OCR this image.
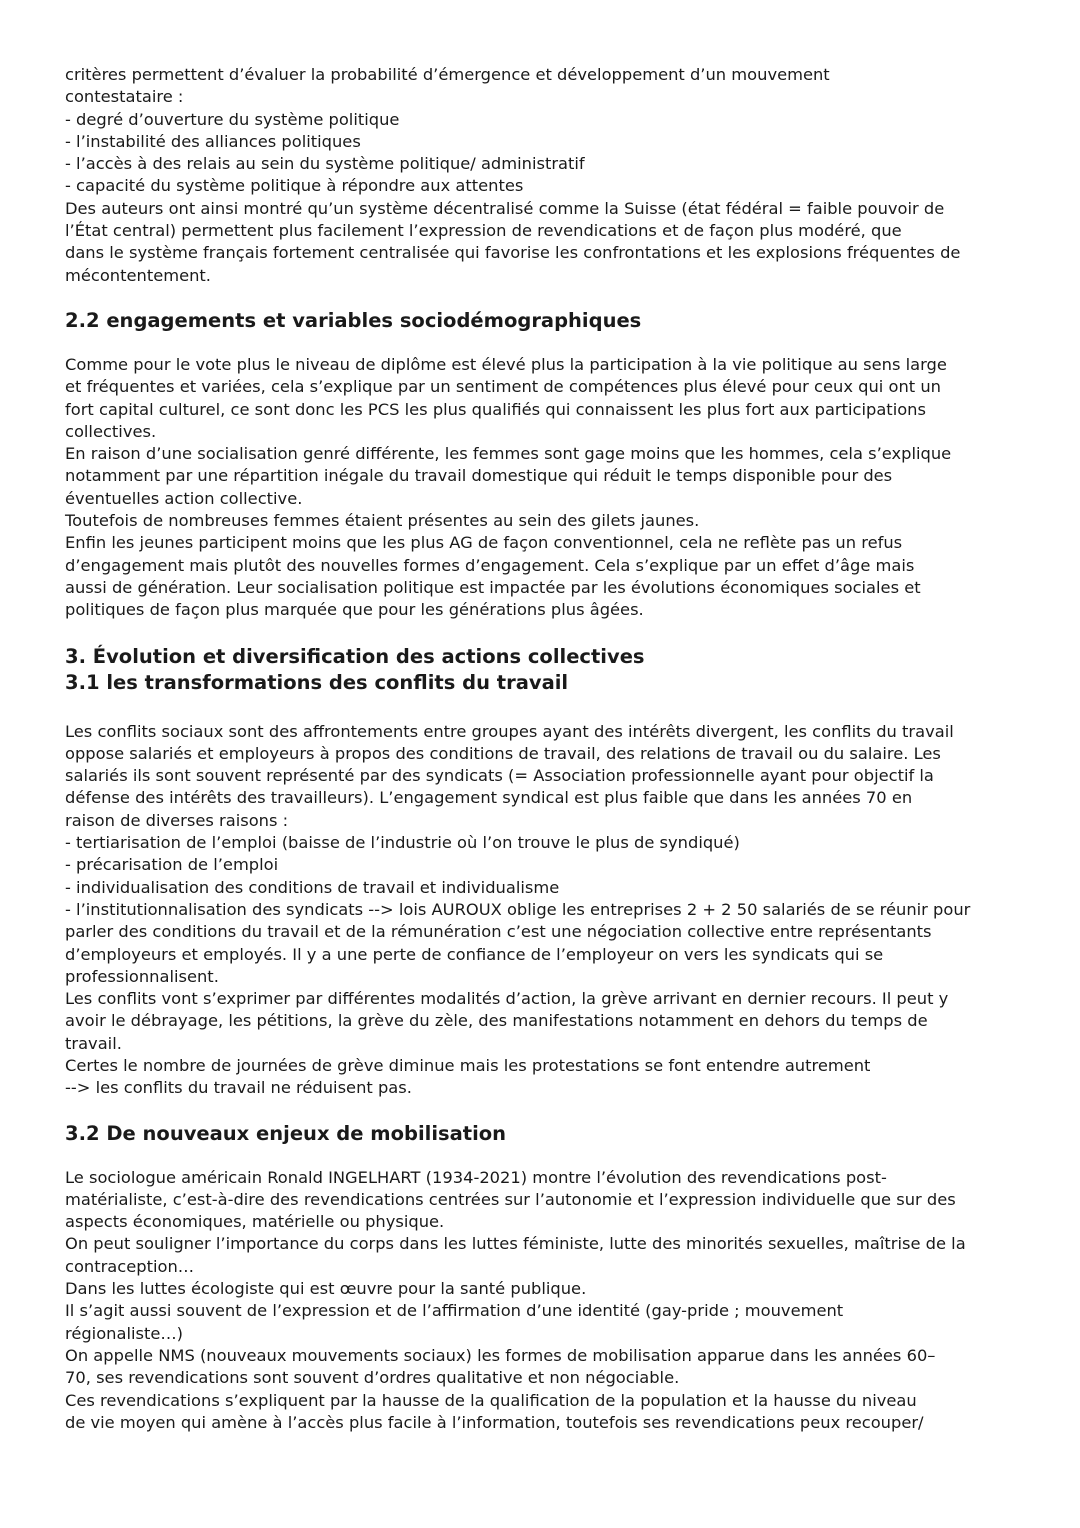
critères permettent d’évaluer la probabilité d’émergence et développement d’un mouvement
contestataire :
- degré d’ouverture du système politique
- l’instabilité des alliances politiques
- l’accès à des relais au sein du système politique/ administratif
- capacité du système politique à répondre aux attentes
Des auteurs ont ainsi montré qu’un système décentralisé comme la Suisse (état fédéral = faible pouvoir de
l’État central) permettent plus facilement l’expression de revendications et de façon plus modéré, que
dans le système français fortement centralisée qui favorise les confrontations et les explosions fréquentes de
mécontentement.

2.2 engagements et variables sociodémographiques

Comme pour le vote plus le niveau de diplôme est élevé plus la participation à la vie politique au sens large
et fréquentes et variées, cela s’explique par un sentiment de compétences plus élevé pour ceux qui ont un
fort capital culturel, ce sont donc les PCS les plus qualifiés qui connaissent les plus fort aux participations
collectives.
En raison d’une socialisation genré différente, les femmes sont gage moins que les hommes, cela s’explique
notamment par une répartition inégale du travail domestique qui réduit le temps disponible pour des
éventuelles action collective.
Toutefois de nombreuses femmes étaient présentes au sein des gilets jaunes.
Enfin les jeunes participent moins que les plus AG de façon conventionnel, cela ne reflète pas un refus
d’engagement mais plutôt des nouvelles formes d’engagement. Cela s’explique par un effet d’âge mais
aussi de génération. Leur socialisation politique est impactée par les évolutions économiques sociales et
politiques de façon plus marquée que pour les générations plus âgées.

3. Évolution et diversification des actions collectives
3.1 les transformations des conflits du travail

Les conflits sociaux sont des affrontements entre groupes ayant des intérêts divergent, les conflits du travail
oppose salariés et employeurs à propos des conditions de travail, des relations de travail ou du salaire. Les
salariés ils sont souvent représenté par des syndicats (= Association professionnelle ayant pour objectif la
défense des intérêts des travailleurs). L’engagement syndical est plus faible que dans les années 70 en
raison de diverses raisons :
- tertiarisation de l’emploi (baisse de l’industrie où l’on trouve le plus de syndiqué)
- précarisation de l’emploi
- individualisation des conditions de travail et individualisme
- l’institutionnalisation des syndicats --> lois AUROUX oblige les entreprises 2 + 2 50 salariés de se réunir pour
parler des conditions du travail et de la rémunération c’est une négociation collective entre représentants
d’employeurs et employés. Il y a une perte de confiance de l’employeur on vers les syndicats qui se
professionnalisent.
Les conflits vont s’exprimer par différentes modalités d’action, la grève arrivant en dernier recours. Il peut y
avoir le débrayage, les pétitions, la grève du zèle, des manifestations notamment en dehors du temps de
travail.
Certes le nombre de journées de grève diminue mais les protestations se font entendre autrement
--> les conflits du travail ne réduisent pas.

3.2 De nouveaux enjeux de mobilisation

Le sociologue américain Ronald INGELHART (1934-2021) montre l’évolution des revendications post-
matérialiste, c’est-à-dire des revendications centrées sur l’autonomie et l’expression individuelle que sur des
aspects économiques, matérielle ou physique.
On peut souligner l’importance du corps dans les luttes féministe, lutte des minorités sexuelles, maîtrise de la
contraception…
Dans les luttes écologiste qui est œuvre pour la santé publique.
Il s’agit aussi souvent de l’expression et de l’affirmation d’une identité (gay-pride ; mouvement
régionaliste…)
On appelle NMS (nouveaux mouvements sociaux) les formes de mobilisation apparue dans les années 60–
70, ses revendications sont souvent d’ordres qualitative et non négociable.
Ces revendications s’expliquent par la hausse de la qualification de la population et la hausse du niveau
de vie moyen qui amène à l’accès plus facile à l’information, toutefois ses revendications peux recouper/
